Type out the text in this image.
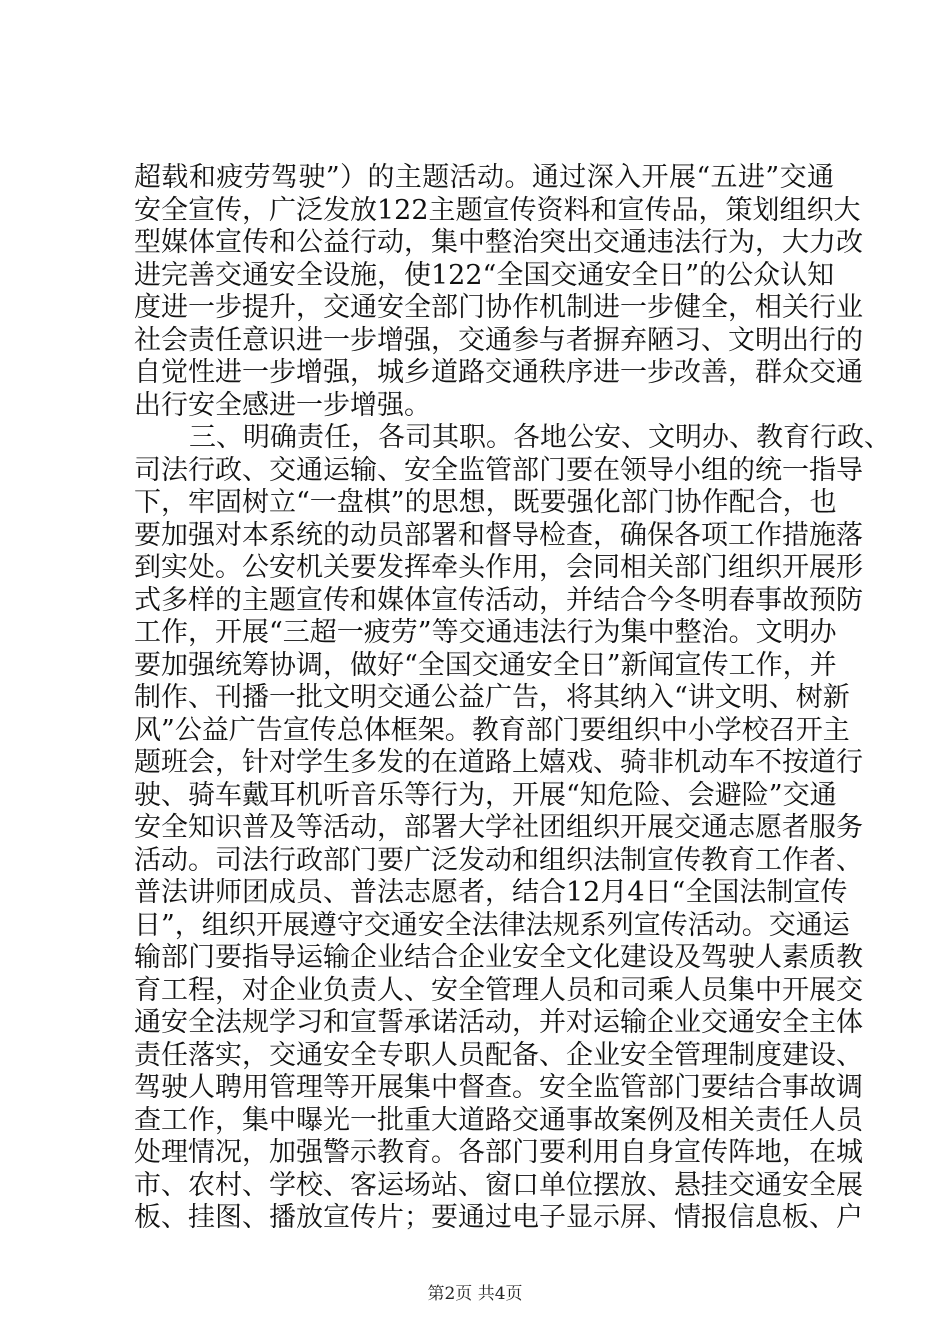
超载和疲劳驾驶”）的主题活动。通过深入开展“五进”交通
安全宣传，广泛发放122主题宣传资料和宣传品，策划组织大
型媒体宣传和公益行动，集中整治突出交通违法行为，大力改
进完善交通安全设施，使122“全国交通安全日”的公众认知
度进一步提升，交通安全部门协作机制进一步健全，相关行业
社会责任意识进一步增强，交通参与者摒弃陋习、文明出行的
自觉性进一步增强，城乡道路交通秩序进一步改善，群众交通
出行安全感进一步增强。
三、明确责任，各司其职。各地公安、文明办、教育行政、
司法行政、交通运输、安全监管部门要在领导小组的统一指导
下，牢固树立“一盘棋”的思想，既要强化部门协作配合，也
要加强对本系统的动员部署和督导检查，确保各项工作措施落
到实处。公安机关要发挥牵头作用，会同相关部门组织开展形
式多样的主题宣传和媒体宣传活动，并结合今冬明春事故预防
工作，开展“三超一疲劳”等交通违法行为集中整治。文明办
要加强统筹协调，做好“全国交通安全日”新闻宣传工作，并
制作、刊播一批文明交通公益广告，将其纳入“讲文明、树新
风”公益广告宣传总体框架。教育部门要组织中小学校召开主
题班会，针对学生多发的在道路上嬉戏、骑非机动车不按道行
驶、骑车戴耳机听音乐等行为，开展“知危险、会避险”交通
安全知识普及等活动，部署大学社团组织开展交通志愿者服务
活动。司法行政部门要广泛发动和组织法制宣传教育工作者、
普法讲师团成员、普法志愿者，结合12月4日“全国法制宣传
日”，组织开展遵守交通安全法律法规系列宣传活动。交通运
输部门要指导运输企业结合企业安全文化建设及驾驶人素质教
育工程，对企业负责人、安全管理人员和司乘人员集中开展交
通安全法规学习和宣誓承诺活动，并对运输企业交通安全主体
责任落实，交通安全专职人员配备、企业安全管理制度建设、
驾驶人聘用管理等开展集中督查。安全监管部门要结合事故调
查工作，集中曝光一批重大道路交通事故案例及相关责任人员
处理情况，加强警示教育。各部门要利用自身宣传阵地，在城
市、农村、学校、客运场站、窗口单位摆放、悬挂交通安全展
板、挂图、播放宣传片；要通过电子显示屏、情报信息板、户
第2页 共4页
